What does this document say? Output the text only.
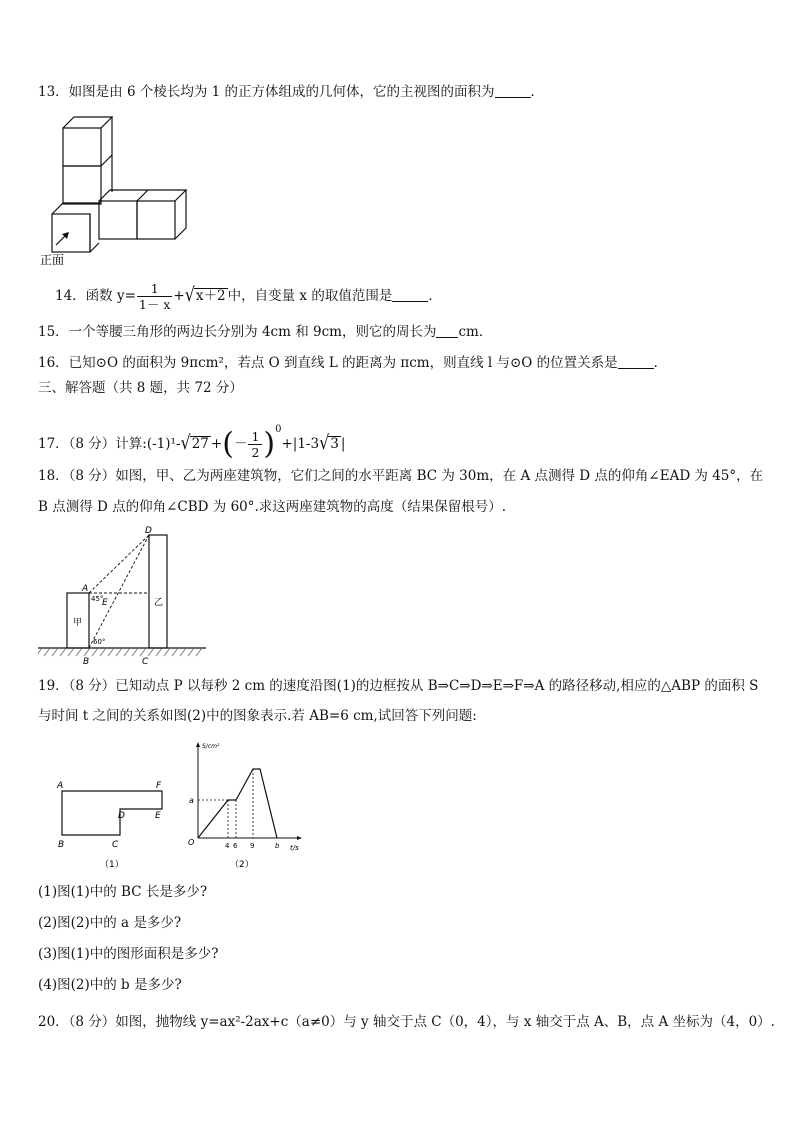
13．如图是由 6 个棱长均为 1 的正方体组成的几何体，它的主视图的面积为	．
正面
14．函数 $y= \frac{1}{1- x} +√x+2$ 中，自变量 x 的取值范围是	．
15．一个等腰三角形的两边长分别为 4cm 和 9cm，则它的周长为 cm．
16．已知⊙O 的面积为 9πcm²，若点 O 到直线 L 的距离为 πcm，则直线 l 与⊙O 的位置关系是	．
三、解答题（共 8 题，共 72 分）
17．（8 分）计算:(-1)¹-√27 +(－ $\frac{1}{2} )^0+|1-3√3$ |
18．（8 分）如图，甲、乙为两座建筑物，它们之间的水平距离 BC 为 30m，在 A 点测得 D 点的仰角∠EAD 为 45°，在
B 点测得 D 点的仰角∠CBD 为 60°.求这两座建筑物的高度（结果保留根号）.
D
A
45°
E
甲
乙
60°
B	C
19．（8 分）已知动点 P 以每秒 2 cm 的速度沿图(1)的边框按从 B⇒C⇒D⇒E⇒F⇒A 的路径移动,相应的△ABP 的面积 S
与时间 t 之间的关系如图(2)中的图象表示.若 AB=6 cm,试回答下列问题:
A	F
E
D
B	C
（1）
S/cm²
t/s
O
a
4 6 9	b
（2）
(1)图(1)中的 BC 长是多少?
(2)图(2)中的 a 是多少?
(3)图(1)中的图形面积是多少?
(4)图(2)中的 b 是多少?
20．（8 分）如图，抛物线 y=ax²-2ax+c（a≠0）与 y 轴交于点 C（0，4），与 x 轴交于点 A、B，点 A 坐标为（4，0）.
